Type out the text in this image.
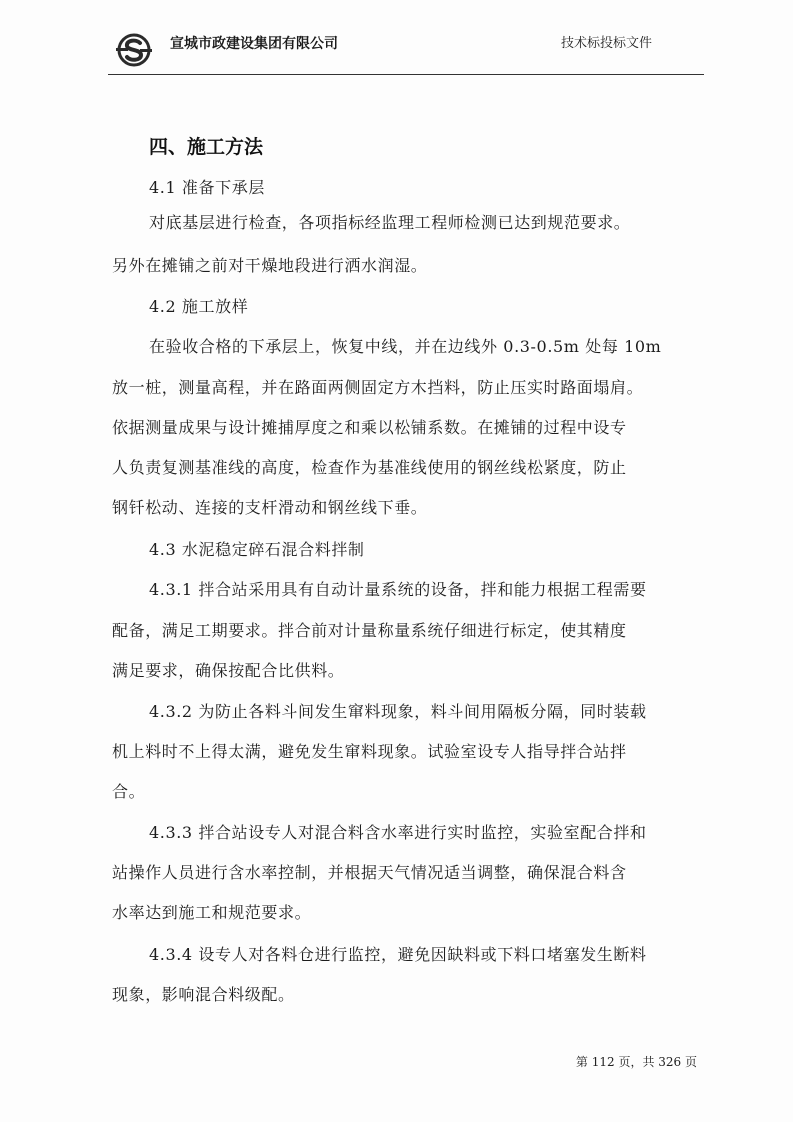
宣城市政建设集团有限公司	技术标投标文件
四、施工方法
4.1 准备下承层
对底基层进行检查，各项指标经监理工程师检测已达到规范要求。
另外在摊铺之前对干燥地段进行洒水润湿。
4.2 施工放样
在验收合格的下承层上，恢复中线，并在边线外 0.3-0.5m 处每 10m
放一桩，测量高程，并在路面两侧固定方木挡料，防止压实时路面塌肩。
依据测量成果与设计摊捕厚度之和乘以松铺系数。在摊铺的过程中设专
人负责复测基准线的高度，检查作为基准线使用的钢丝线松紧度，防止
钢钎松动、连接的支杆滑动和钢丝线下垂。
4.3 水泥稳定碎石混合料拌制
4.3.1 拌合站采用具有自动计量系统的设备，拌和能力根据工程需要
配备，满足工期要求。拌合前对计量称量系统仔细进行标定，使其精度
满足要求，确保按配合比供料。
4.3.2 为防止各料斗间发生窜料现象，料斗间用隔板分隔，同时装载
机上料时不上得太满，避免发生窜料现象。试验室设专人指导拌合站拌
合。
4.3.3 拌合站设专人对混合料含水率进行实时监控，实验室配合拌和
站操作人员进行含水率控制，并根据天气情况适当调整，确保混合料含
水率达到施工和规范要求。
4.3.4 设专人对各料仓进行监控，避免因缺料或下料口堵塞发生断料
现象，影响混合料级配。
第 112 页，共 326 页
